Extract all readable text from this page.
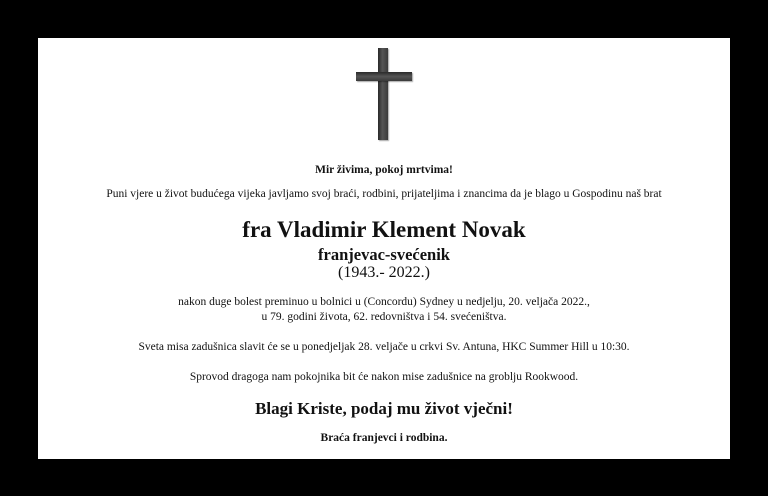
Mir živima, pokoj mrtvima!
Puni vjere u život budućega vijeka javljamo svoj braći, rodbini, prijateljima i znancima da je blago u Gospodinu naš brat
fra Vladimir Klement Novak
franjevac-svećenik
(1943.- 2022.)
nakon duge bolest preminuo u bolnici u (Concordu) Sydney u nedjelju, 20. veljača 2022.,
u 79. godini života, 62. redovništva i 54. svećeništva.
Sveta misa zadušnica slavit će se u ponedjeljak 28. veljače u crkvi Sv. Antuna, HKC Summer Hill u 10:30.
Sprovod dragoga nam pokojnika bit će nakon mise zadušnice na groblju Rookwood.
Blagi Kriste, podaj mu život vječni!
Braća franjevci i rodbina.
